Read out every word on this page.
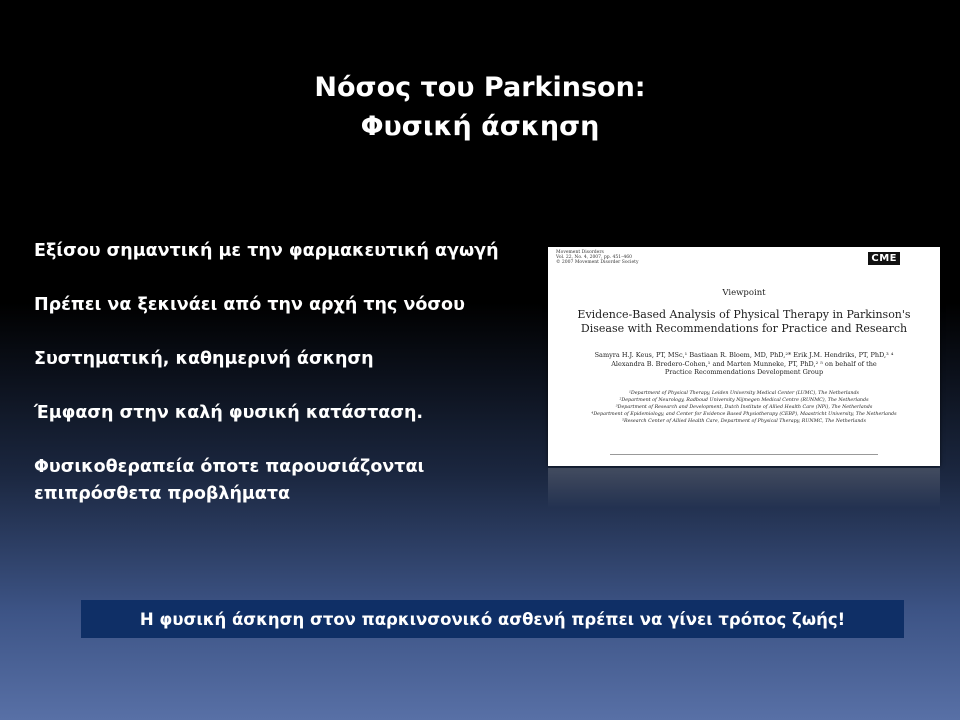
Νόσος του Parkinson:
Φυσική άσκηση
Εξίσου σημαντική με την φαρμακευτική αγωγή
Πρέπει να ξεκινάει από την αρχή της νόσου
Συστηματική, καθημερινή άσκηση
Έμφαση στην καλή φυσική κατάσταση.
Φυσικοθεραπεία όποτε παρουσιάζονται επιπρόσθετα προβλήματα
Movement Disorders
Vol. 22, No. 4, 2007, pp. 451–460
© 2007 Movement Disorder Society	CME
Viewpoint
Evidence-Based Analysis of Physical Therapy in Parkinson's
Disease with Recommendations for Practice and Research
Samyra H.J. Keus, PT, MSc,¹ Bastiaan R. Bloem, MD, PhD,²* Erik J.M. Hendriks, PT, PhD,³ ⁴
Alexandra B. Bredero-Cohen,¹ and Marten Munneke, PT, PhD,² ⁵ on behalf of the
Practice Recommendations Development Group
¹Department of Physical Therapy, Leiden University Medical Center (LUMC), The Netherlands
²Department of Neurology, Radboud University Nijmegen Medical Centre (RUNMC), The Netherlands
³Department of Research and Development, Dutch Institute of Allied Health Care (NPi), The Netherlands
⁴Department of Epidemiology, and Center for Evidence Based Physiotherapy (CEBP), Maastricht University, The Netherlands
⁵Research Center of Allied Health Care, Department of Physical Therapy, RUNMC, The Netherlands
Η φυσική άσκηση στον παρκινσονικό ασθενή πρέπει να γίνει τρόπος ζωής!
